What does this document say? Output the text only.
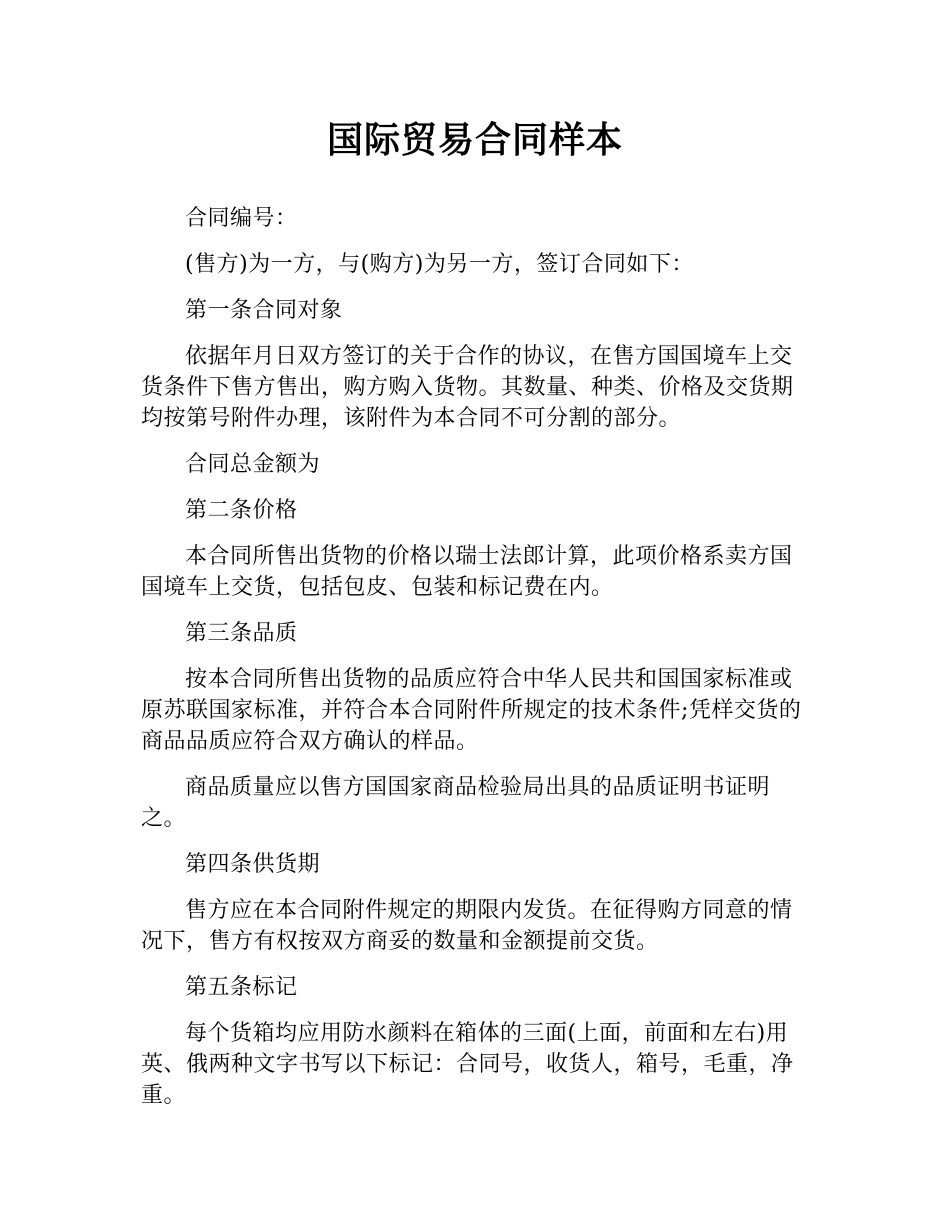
国际贸易合同样本

合同编号：

(售方)为一方，与(购方)为另一方，签订合同如下：

第一条合同对象

依据年月日双方签订的关于合作的协议，在售方国国境车上交货条件下售方售出，购方购入货物。其数量、种类、价格及交货期均按第号附件办理，该附件为本合同不可分割的部分。

合同总金额为

第二条价格

本合同所售出货物的价格以瑞士法郎计算，此项价格系卖方国国境车上交货，包括包皮、包装和标记费在内。

第三条品质

按本合同所售出货物的品质应符合中华人民共和国国家标准或原苏联国家标准，并符合本合同附件所规定的技术条件;凭样交货的商品品质应符合双方确认的样品。

商品质量应以售方国国家商品检验局出具的品质证明书证明之。

第四条供货期

售方应在本合同附件规定的期限内发货。在征得购方同意的情况下，售方有权按双方商妥的数量和金额提前交货。

第五条标记

每个货箱均应用防水颜料在箱体的三面(上面，前面和左右)用英、俄两种文字书写以下标记：合同号，收货人，箱号，毛重，净重。
